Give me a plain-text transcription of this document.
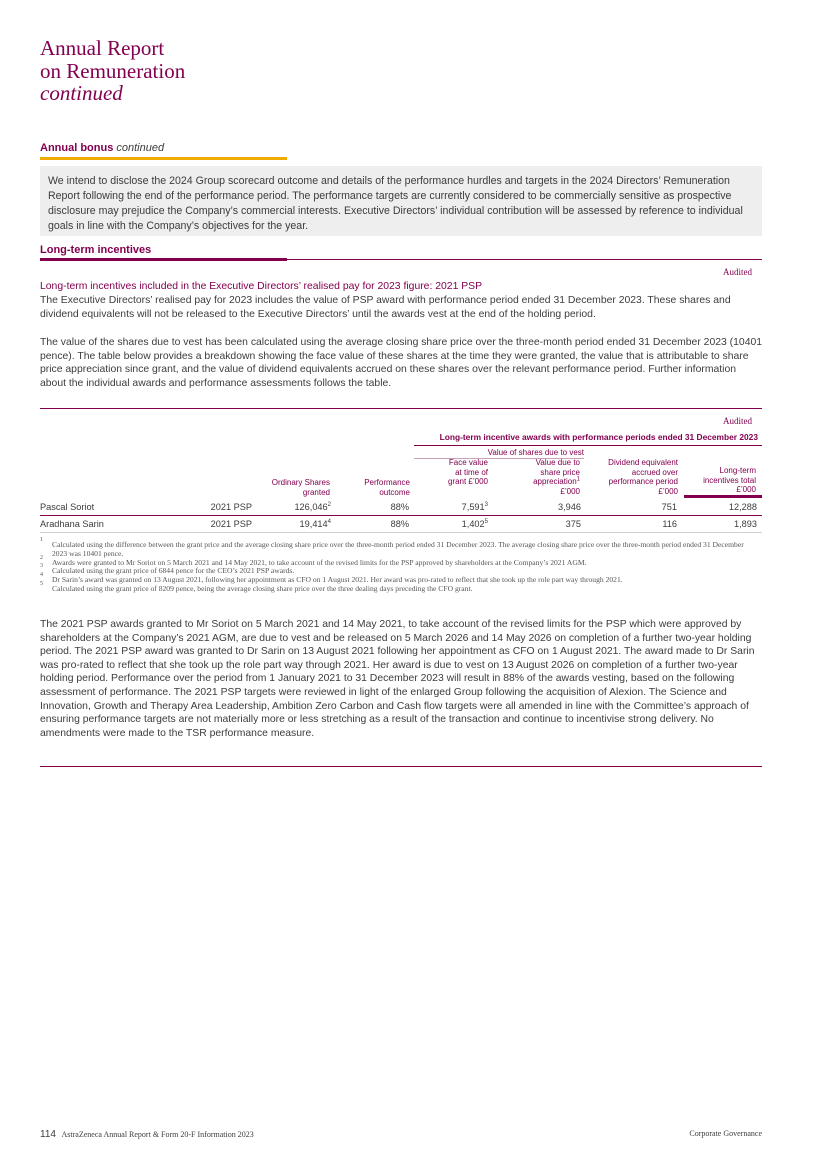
Annual Report
on Remuneration
continued
Annual bonus continued

We intend to disclose the 2024 Group scorecard outcome and details of the performance hurdles and targets in the 2024 Directors’ Remuneration Report following the end of the performance period. The performance targets are currently considered to be commercially sensitive as prospective disclosure may prejudice the Company’s commercial interests. Executive Directors’ individual contribution will be assessed by reference to individual goals in line with the Company’s objectives for the year.

Long-term incentives
Audited
Long-term incentives included in the Executive Directors’ realised pay for 2023 figure: 2021 PSP

The Executive Directors’ realised pay for 2023 includes the value of PSP award with performance period ended 31 December 2023. These shares and dividend equivalents will not be released to the Executive Directors’ until the awards vest at the end of the holding period.

The value of the shares due to vest has been calculated using the average closing share price over the three-month period ended 31 December 2023 (10401 pence). The table below provides a breakdown showing the face value of these shares at the time they were granted, the value that is attributable to share price appreciation since grant, and the value of dividend equivalents accrued on these shares over the relevant performance period. Further information about the individual awards and performance assessments follows the table.

Audited
Long-term incentive awards with performance periods ended 31 December 2023
Value of shares due to vest
Ordinary Shares granted
Performance outcome
Face value at time of grant £’000
Value due to share price appreciation$^1$
£’000
Dividend equivalent accrued over performance period £’000
Long-term incentives total £’000
Pascal Soriot	2021 PSP	126,046$^2$	88%	7,591$^3$	3,946	751	12,288
Aradhana Sarin	2021 PSP	19,414$^4$	88%	1,402$^5$	375	116	1,893
1 Calculated using the difference between the grant price and the average closing share price over the three-month period ended 31 December 2023. The average closing share price over the three-month period ended 31 December 2023 was 10401 pence.
2 Awards were granted to Mr Soriot on 5 March 2021 and 14 May 2021, to take account of the revised limits for the PSP approved by shareholders at the Company’s 2021 AGM.
3 Calculated using the grant price of 6844 pence for the CEO’s 2021 PSP awards.
4 Dr Sarin’s award was granted on 13 August 2021, following her appointment as CFO on 1 August 2021. Her award was pro-rated to reflect that she took up the role part way through 2021.
5 Calculated using the grant price of 8209 pence, being the average closing share price over the three dealing days preceding the CFO grant.

The 2021 PSP awards granted to Mr Soriot on 5 March 2021 and 14 May 2021, to take account of the revised limits for the PSP which were approved by shareholders at the Company’s 2021 AGM, are due to vest and be released on 5 March 2026 and 14 May 2026 on completion of a further two-year holding period. The 2021 PSP award was granted to Dr Sarin on 13 August 2021 following her appointment as CFO on 1 August 2021. The award made to Dr Sarin was pro-rated to reflect that she took up the role part way through 2021. Her award is due to vest on 13 August 2026 on completion of a further two-year holding period. Performance over the period from 1 January 2021 to 31 December 2023 will result in 88% of the awards vesting, based on the following assessment of performance. The 2021 PSP targets were reviewed in light of the enlarged Group following the acquisition of Alexion. The Science and Innovation, Growth and Therapy Area Leadership, Ambition Zero Carbon and Cash flow targets were all amended in line with the Committee’s approach of ensuring performance targets are not materially more or less stretching as a result of the transaction and continue to incentivise strong delivery. No amendments were made to the TSR performance measure.

114 AstraZeneca Annual Report & Form 20-F Information 2023	Corporate Governance
